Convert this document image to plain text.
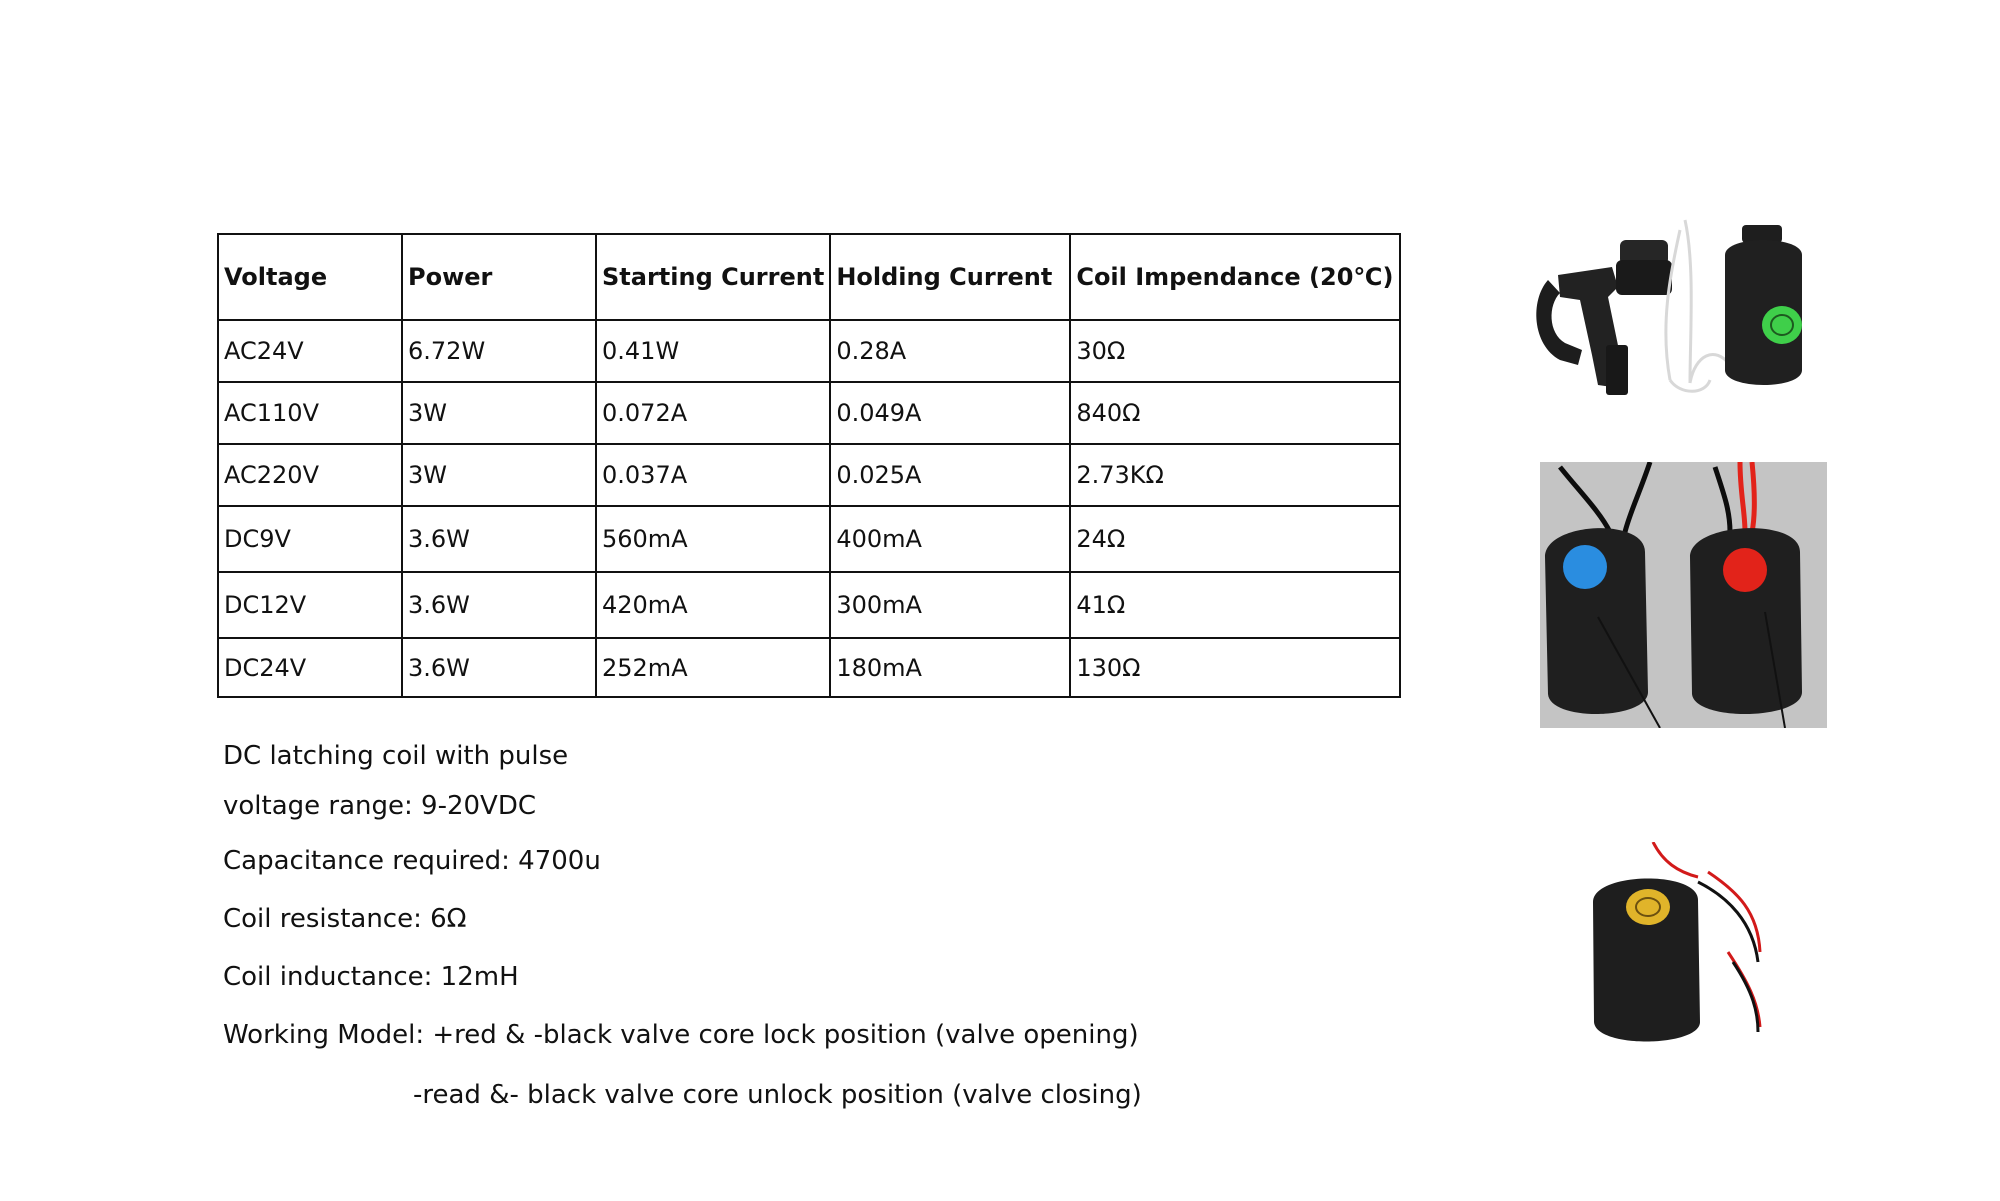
Voltage	Power	Starting Current	Holding Current	Coil Impendance (20℃)
AC24V	6.72W	0.41W	0.28A	30Ω
AC110V	3W	0.072A	0.049A	840Ω
AC220V	3W	0.037A	0.025A	2.73KΩ
DC9V	3.6W	560mA	400mA	24Ω
DC12V	3.6W	420mA	300mA	41Ω
DC24V	3.6W	252mA	180mA	130Ω
DC latching coil with pulse
voltage range: 9-20VDC
Capacitance required: 4700u
Coil resistance: 6Ω
Coil inductance: 12mH
Working Model: +red & -black valve core lock position (valve opening)
-read &- black valve core unlock position (valve closing)
